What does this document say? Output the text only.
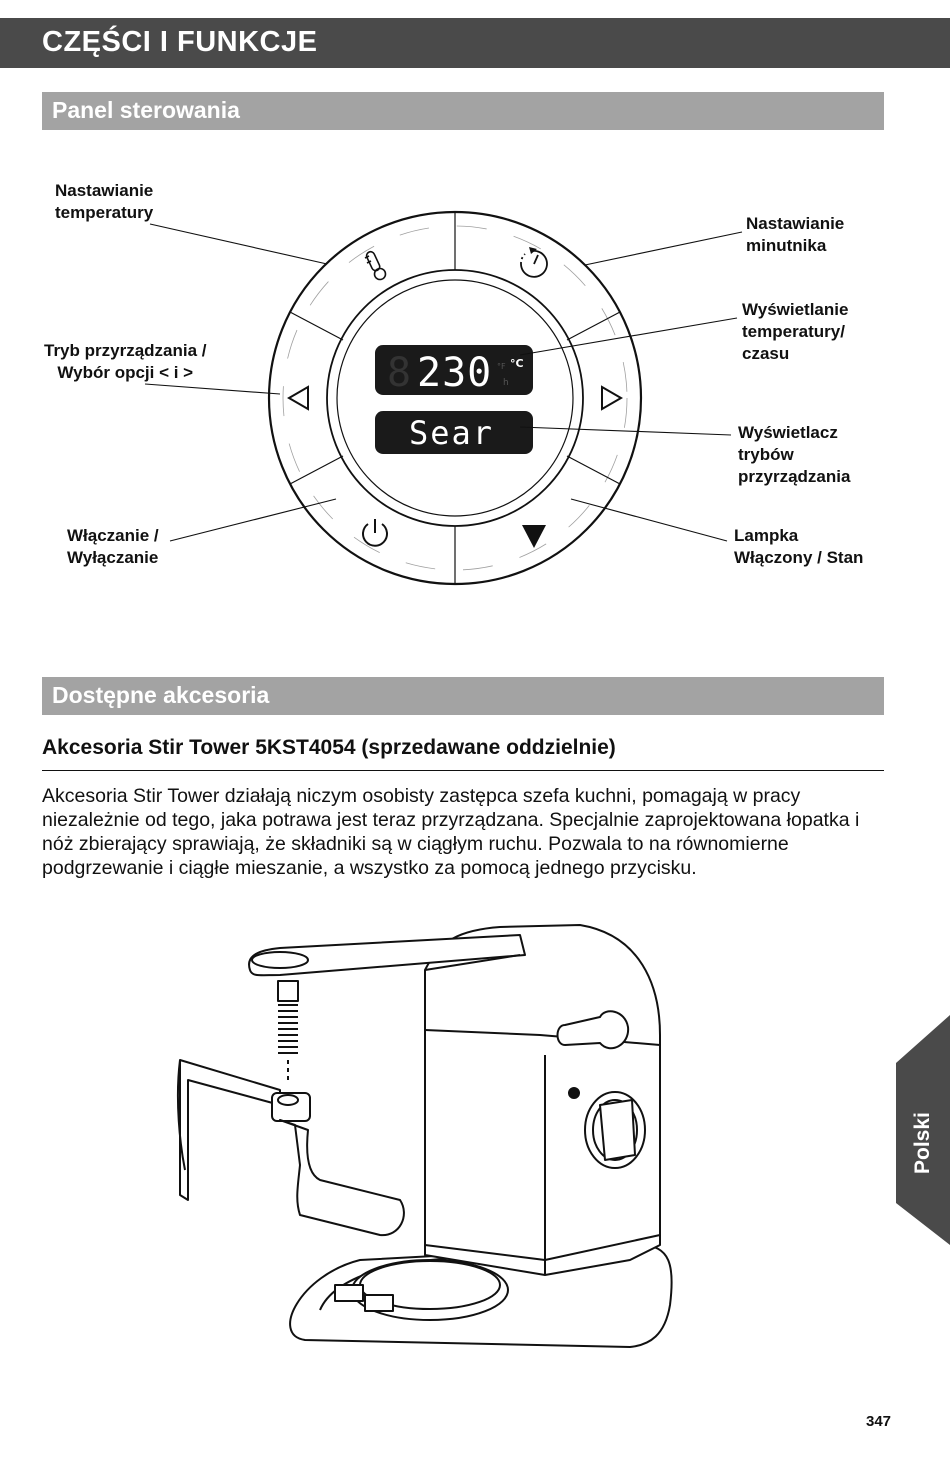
CZĘŚCI I FUNKCJE
Panel sterowania
8 230 °C
°F
h
Sear
Nastawianie
temperatury
Nastawianie
minutnika
Wyświetlanie
temperatury/
czasu
Tryb przyrządzania /
Wybór opcji < i >
Wyświetlacz
trybów
przyrządzania
Włączanie /
Wyłączanie
Lampka
Włączony / Stan
Dostępne akcesoria
Akcesoria Stir Tower 5KST4054 (sprzedawane oddzielnie)
Akcesoria Stir Tower działają niczym osobisty zastępca szefa kuchni, pomagają w pracy niezależnie od tego, jaka potrawa jest teraz przyrządzana. Specjalnie zaprojektowana łopatka i nóż zbierający sprawiają, że składniki są w ciągłym ruchu. Pozwala to na równomierne podgrzewanie i ciągłe mieszanie, a wszystko za pomocą jednego przycisku.
Polski
347
